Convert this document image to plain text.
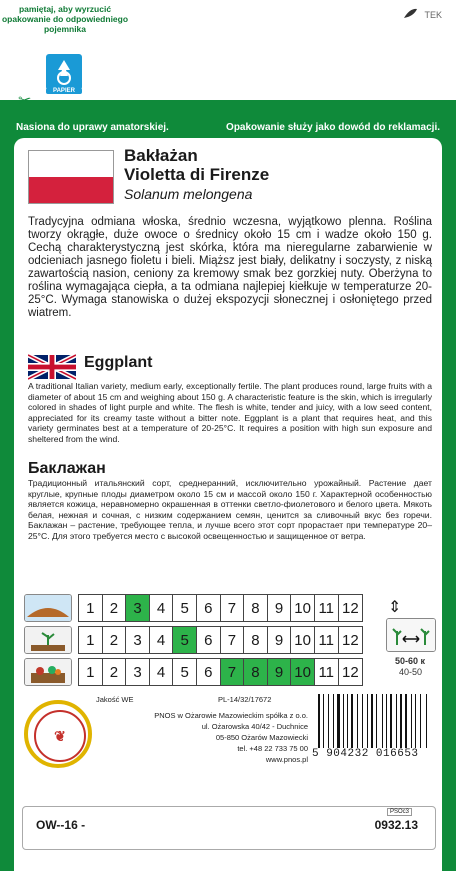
pamiętaj, aby wyrzucić opakowanie do odpowiedniego pojemnika
PAPIER
TEK
✂
Nasiona do uprawy amatorskiej.	Opakowanie służy jako dowód do reklamacji.
Bakłażan
Violetta di Firenze
Solanum melongena
Tradycyjna odmiana włoska, średnio wczesna, wyjątkowo plenna. Roślina tworzy okrągłe, duże owoce o średnicy około 15 cm i wadze około 150 g. Cechą charakterystyczną jest skórka, która ma nieregularne zabarwienie w odcieniach jasnego fioletu i bieli. Miąższ jest biały, delikatny i soczysty, z niską zawartością nasion, ceniony za kremowy smak bez gorzkiej nuty. Oberżyna to roślina wymagająca ciepła, a ta odmiana najlepiej kiełkuje w temperaturze 20-25°C. Wymaga stanowiska o dużej ekspozycji słonecznej i osłoniętego przed wiatrem.
Eggplant
A traditional Italian variety, medium early, exceptionally fertile. The plant produces round, large fruits with a diameter of about 15 cm and weighing about 150 g. A characteristic feature is the skin, which is irregularly colored in shades of light purple and white. The flesh is white, tender and juicy, with a low seed content, appreciated for its creamy taste without a bitter note. Eggplant is a plant that requires heat, and this variety germinates best at a temperature of 20-25°C. It requires a position with high sun exposure and sheltered from the wind.
Баклажан
Традиционный итальянский сорт, среднеранний, исключительно урожайный. Растение дает круглые, крупные плоды диаметром около 15 см и массой около 150 г. Характерной особенностью является кожица, неравномерно окрашенная в оттенки светло-фиолетового и белого цвета. Мякоть белая, нежная и сочная, с низким содержанием семян, ценится за сливочный вкус без горечи. Баклажан – растение, требующее тепла, и лучше всего этот сорт прорастает при температуре 20–25°C. Для этого требуется место с высокой освещенностью и защищенное от ветра.
1	2	3	4	5	6	7	8	9 10 11 12
1	2	3	4	5	6	7	8	9 10 11 12
1	2	3	4	5	6	7	8	9 10 11 12
⇕
50-60 к
40-50
❦
Jakość WE	PL-14/32/17672
PNOS w Ożarowie Mazowieckim spółka z o.o.
ul. Ożarowska 40/42 - Duchnice
05-850 Ożarów Mazowiecki
tel. +48 22 733 75 00
www.pnos.pl 5 904232 016653
OW--16 -
PSOc3
0932.13
